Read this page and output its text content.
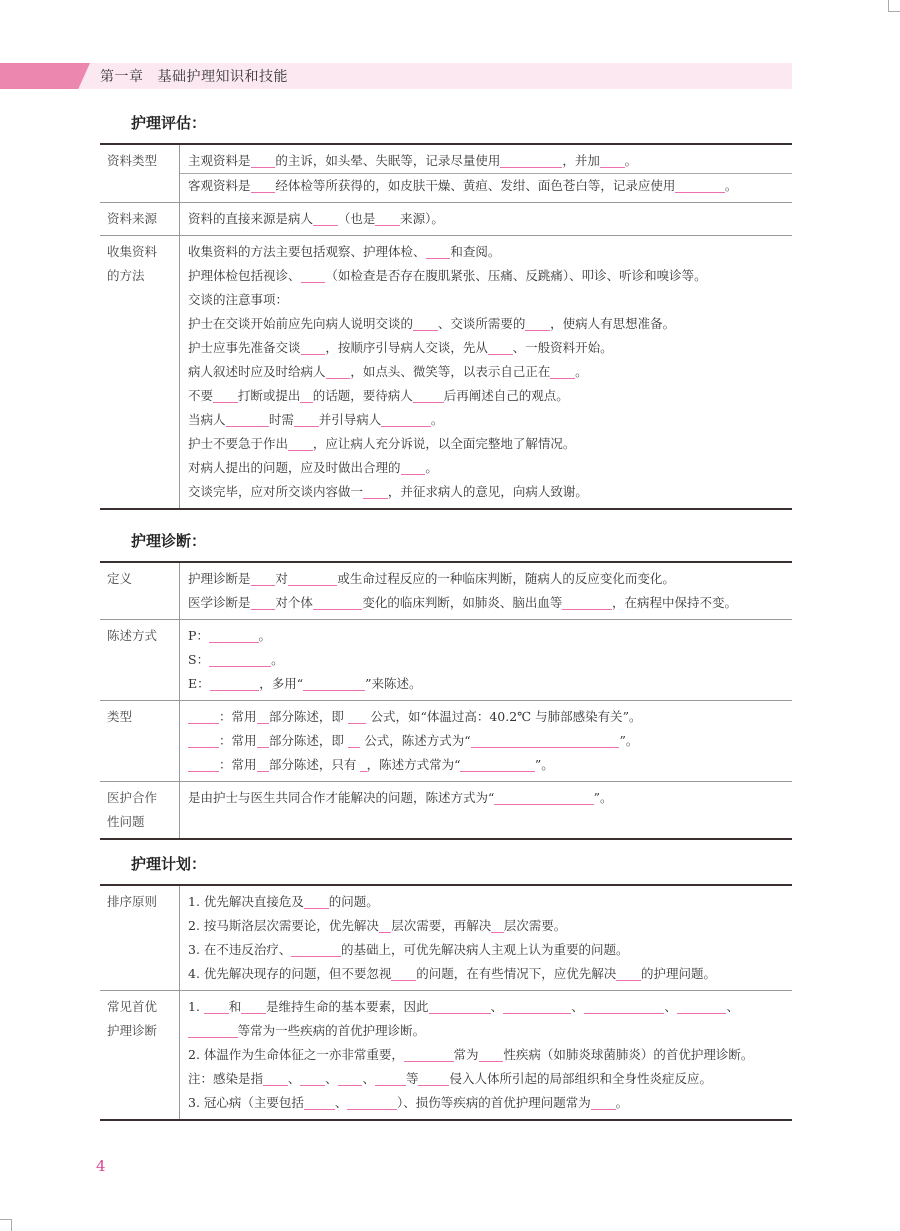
第一章 基础护理知识和技能
护理评估：
资料类型	主观资料是 的主诉，如头晕、失眠等，记录尽量使用	，并加 。
客观资料是 经体检等所获得的，如皮肤干燥、黄疸、发绀、面色苍白等，记录应使用	。

资料来源	资料的直接来源是病人 （也是 来源）。

收集资料
的方法

收集资料的方法主要包括观察、护理体检、 和查阅。
护理体检包括视诊、 （如检查是否存在腹肌紧张、压痛、反跳痛）、叩诊、听诊和嗅诊等。
交谈的注意事项：
护士在交谈开始前应先向病人说明交谈的 、交谈所需要的 ，使病人有思想准备。
护士应事先准备交谈 ，按顺序引导病人交谈，先从 、一般资料开始。
病人叙述时应及时给病人 ，如点头、微笑等，以表示自己正在 。
不要 打断或提出 的话题，要待病人 后再阐述自己的观点。
当病人	时需 并引导病人	。
护士不要急于作出 ，应让病人充分诉说，以全面完整地了解情况。
对病人提出的问题，应及时做出合理的 。
交谈完毕，应对所交谈内容做一 ，并征求病人的意见，向病人致谢。
护理诊断：
定义	护理诊断是 对	或生命过程反应的一种临床判断，随病人的反应变化而变化。
医学诊断是 对个体	变化的临床判断，如肺炎、脑出血等	，在病程中保持不变。

陈述方式	P：	。
S：	。
E：	，多用“	”来陈述。

类型	：常用 部分陈述，即  公式，如“体温过高：40.2℃ 与肺部感染有关”。
：常用 部分陈述，即  公式，陈述方式为“	”。
：常用 部分陈述，只有 ，陈述方式常为“	”。

医护合作
性问题

是由护士与医生共同合作才能解决的问题，陈述方式为“	”。
护理计划：
排序原则	1. 优先解决直接危及 的问题。
2. 按马斯洛层次需要论，优先解决 层次需要，再解决 层次需要。
3. 在不违反治疗、	的基础上，可优先解决病人主观上认为重要的问题。
4. 优先解决现存的问题，但不要忽视 的问题，在有些情况下，应优先解决 的护理问题。

常见首优
护理诊断

1. 和 是维持生命的基本要素，因此	、	、	、	、
等常为一些疾病的首优护理诊断。
2. 体温作为生命体征之一亦非常重要，	常为 性疾病（如肺炎球菌肺炎）的首优护理诊断。
注：感染是指 、 、 、 等 侵入人体所引起的局部组织和全身性炎症反应。
3. 冠心病（主要包括 、	）、损伤等疾病的首优护理问题常为 。
4
